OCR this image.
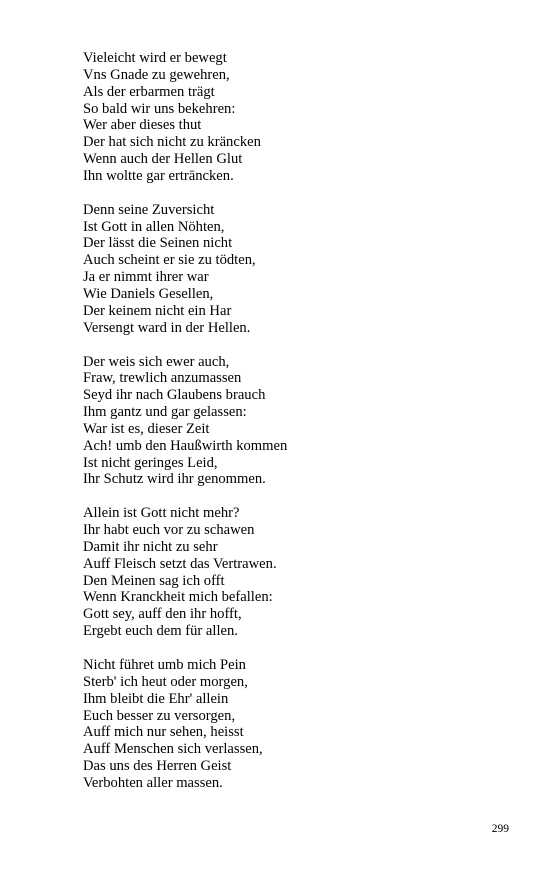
Vieleicht wird er bewegt
Vns Gnade zu gewehren,
Als der erbarmen trägt
So bald wir uns bekehren:
Wer aber dieses thut
Der hat sich nicht zu kräncken
Wenn auch der Hellen Glut
Ihn woltte gar ertrāncken.
Denn seine Zuversicht
Ist Gott in allen Nöhten,
Der lässt die Seinen nicht
Auch scheint er sie zu tödten,
Ja er nimmt ihrer war
Wie Daniels Gesellen,
Der keinem nicht ein Har
Versengt ward in der Hellen.
Der weis sich ewer auch,
Fraw, trewlich anzumassen
Seyd ihr nach Glaubens brauch
Ihm gantz und gar gelassen:
War ist es, dieser Zeit
Ach! umb den Haußwirth kommen
Ist nicht geringes Leid,
Ihr Schutz wird ihr genommen.
Allein ist Gott nicht mehr?
Ihr habt euch vor zu schawen
Damit ihr nicht zu sehr
Auff Fleisch setzt das Vertrawen.
Den Meinen sag ich offt
Wenn Kranckheit mich befallen:
Gott sey, auff den ihr hofft,
Ergebt euch dem für allen.
Nicht führet umb mich Pein
Sterb' ich heut oder morgen,
Ihm bleibt die Ehr' allein
Euch besser zu versorgen,
Auff mich nur sehen, heisst
Auff Menschen sich verlassen,
Das uns des Herren Geist
Verbohten aller massen.
299
